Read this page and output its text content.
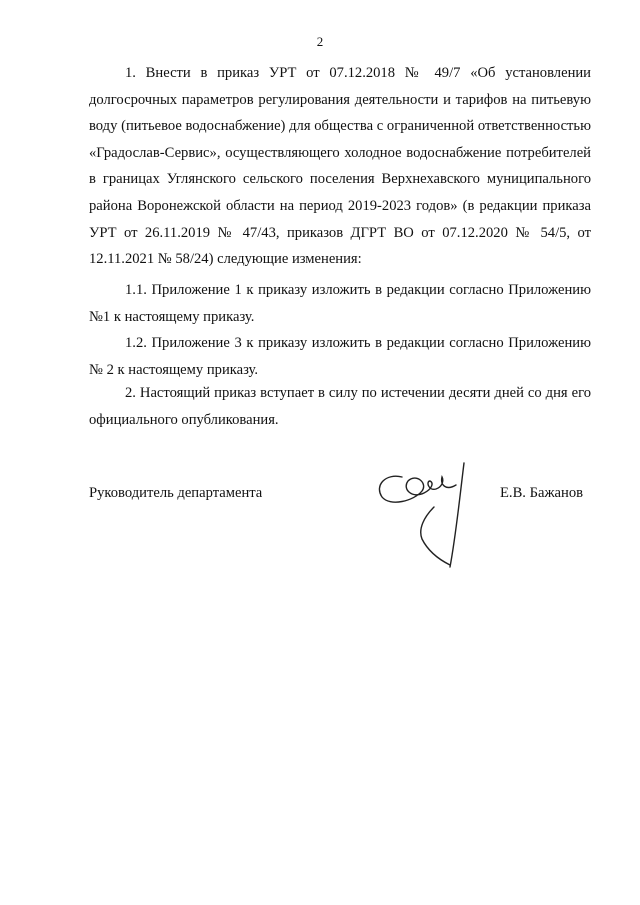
2

1. Внести в приказ УРТ от 07.12.2018 № 49/7 «Об установлении долгосрочных параметров регулирования деятельности и тарифов на питьевую воду (питьевое водоснабжение) для общества с ограниченной ответственностью «Градослав-Сервис», осуществляющего холодное водоснабжение потребителей в границах Углянского сельского поселения Верхнехавского муниципального района Воронежской области на период 2019-2023 годов» (в редакции приказа УРТ от 26.11.2019 № 47/43, приказов ДГРТ ВО от 07.12.2020 № 54/5, от 12.11.2021 № 58/24) следующие изменения:

1.1. Приложение 1 к приказу изложить в редакции согласно Приложению №1 к настоящему приказу.

1.2. Приложение 3 к приказу изложить в редакции согласно Приложению № 2 к настоящему приказу.

2. Настоящий приказ вступает в силу по истечении десяти дней со дня его официального опубликования.

Руководитель департамента	Е.В. Бажанов
